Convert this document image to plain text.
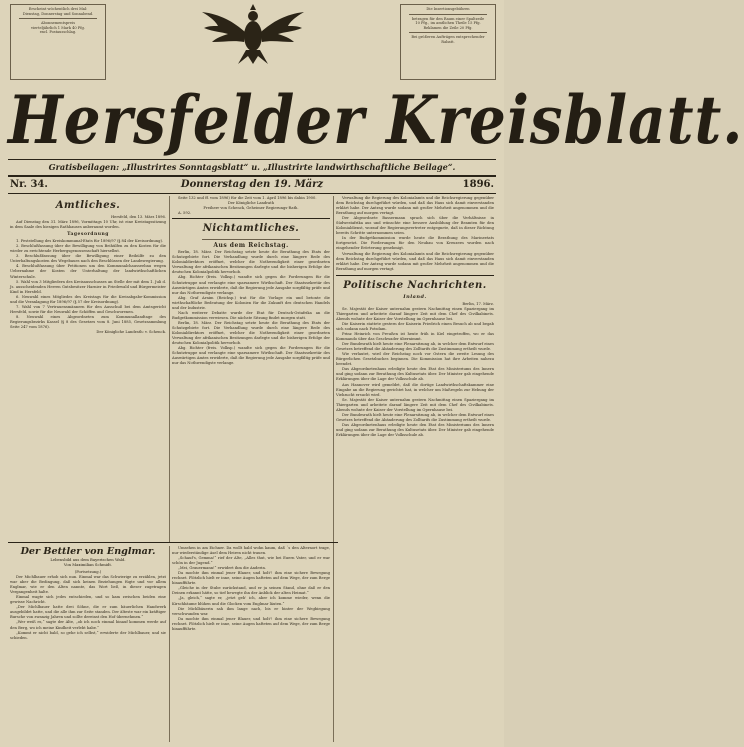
Erscheint wöchentlich drei Mal:
Dienstag, Donnerstag und Sonnabend.
Abonnementspreis
vierteljährlich 1 Mark 40 Pfg.
excl. Postausschlag.
Die Insertionsgebühren
betragen für den Raum einer Spaltzeile
10 Pfg., im amtlichen Theile 15 Pfg.
Reklamen die Zeile 20 Pfg.
Bei größeren Aufträgen entsprechender
Rabatt.
Hersfelder Kreisblatt.
Gratisbeilagen: „Illustrirtes Sonntagsblatt“ u. „Illustrirte landwirthschaftliche Beilage“.
Nr. 34.	Donnerstag den 19. März	1896.
Amtliches.

Hersfeld, den 13. März 1896.

Auf Dienstag den 31. März 1896, Vormittags 10 Uhr, ist eine Kreistagssitzung in dem Saale des hiesigen Rathhauses anberaumt worden.

Tagesordnung

1. Feststellung des Kreiskommunal-Etats für 1896/97 (§ 84 der Kreisordnung).

2. Beschlußfassung über die Bewilligung von Beihülfen zu den Kosten für die wieder zu errichtende Herbergsgenossenschaft hierselbst.

3. Beschlußfassung über die Bewilligung einer Beihülfe zu den Unterhaltungskosten des Wegebaues nach den Beschlüssen der Landesregierung.

4. Beschlußfassung über Petitionen um den Kommunalchausseebau wegen Uebernahme der Kosten der Unterhaltung der landwirthschaftlichen Winterschule.

5. Wahl von 3 Mitgliedern des Kreisausschusses an Stelle der mit dem 1. Juli d. Js. ausscheidenden Herren Gutsbesitzer Harnier in Friedewald und Bürgermeister Kind in Hersfeld.

6. Neuwahl eines Mitgliedes des Kreistags für die Kreisabgabe-Kommission und die Veranlagung für 1896/97 (§ 57 der Kreisordnung).

7. Wahl von 7 Vertrauensmännern für den Ausschuß bei dem Amtsgericht Hersfeld, sowie für die Neuwahl der Schöffen und Geschworenen.

8. Neuwahl eines Abgeordneten zum Kommunallandtage des Regierungsbezirks Kassel (§ 8 des Gesetzes vom 8. Juni 1885, Gesetzsammlung Seite 247 vom 1876).

Der Königliche Landrath: v. Schenck.

Seite 132 und ff. vom 1896) für die Zeit vom 1. April 1896 bis dahin 1900.

Der Königliche Landrath

Freiherr von Schenck, Geheimer Regierungs-Rath.

A. 592.

Nichtamtliches.
Aus dem Reichstag.

Berlin, 18. März. Der Reichstag setzte heute die Berathung des Etats der Schutzgebiete fort. Die Verhandlung wurde durch eine längere Rede des Kolonialdirektors eröffnet, welcher die Nothwendigkeit einer geordneten Verwaltung der afrikanischen Besitzungen darlegte und die bisherigen Erfolge der deutschen Kolonialpolitik hervorhob.

Abg. Richter (freis. Volksp.) wandte sich gegen die Forderungen für die Schutztruppe und verlangte eine sparsamere Wirthschaft. Der Staatssekretär des Auswärtigen Amtes erwiderte, daß die Regierung jede Ausgabe sorgfältig prüfe und nur das Nothwendigste verlange.

Abg. Graf Arnim (Reichsp.) trat für die Vorlage ein und betonte die wirthschaftliche Bedeutung der Kolonien für die Zukunft des deutschen Handels und der Industrie.

Nach weiterer Debatte wurde der Etat für Deutsch-Ostafrika an die Budgetkommission verwiesen. Die nächste Sitzung findet morgen statt.

Berlin, 18. März. Der Reichstag setzte heute die Berathung des Etats der Schutzgebiete fort. Die Verhandlung wurde durch eine längere Rede des Kolonialdirektors eröffnet, welcher die Nothwendigkeit einer geordneten Verwaltung der afrikanischen Besitzungen darlegte und die bisherigen Erfolge der deutschen Kolonialpolitik hervorhob.

Abg. Richter (freis. Volksp.) wandte sich gegen die Forderungen für die Schutztruppe und verlangte eine sparsamere Wirthschaft. Der Staatssekretär des Auswärtigen Amtes erwiderte, daß die Regierung jede Ausgabe sorgfältig prüfe und nur das Nothwendigste verlange.

Verwaltung die Regierung des Kolonialamts und die Reichsregierung gegenüber dem Reichstag durchgeführt würden, und daß das Haus sich damit einverstanden erklärt habe. Der Antrag wurde sodann mit großer Mehrheit angenommen und die Berathung auf morgen vertagt.

Der Abgeordnete Bassermann sprach sich über die Verhältnisse in Südwestafrika aus und wünschte eine bessere Ausbildung der Beamten für den Kolonialdienst, worauf der Regierungsvertreter entgegnete, daß in dieser Richtung bereits Schritte unternommen seien.

In der Budgetkommission wurde heute die Berathung des Marineetats fortgesetzt. Die Forderungen für den Neubau von Kreuzern wurden nach eingehender Erörterung genehmigt.

Verwaltung die Regierung des Kolonialamts und die Reichsregierung gegenüber dem Reichstag durchgeführt würden, und daß das Haus sich damit einverstanden erklärt habe. Der Antrag wurde sodann mit großer Mehrheit angenommen und die Berathung auf morgen vertagt.

Politische Nachrichten.
Inland.

Berlin, 17. März.

Se. Majestät der Kaiser unternahm gestern Nachmittag einen Spaziergang im Thiergarten und arbeitete darauf längere Zeit mit dem Chef des Civilkabinets. Abends wohnte der Kaiser der Vorstellung im Opernhause bei.

Die Kaiserin stattete gestern der Kaiserin Friedrich einen Besuch ab und begab sich sodann nach Potsdam.

Prinz Heinrich von Preußen ist heute früh in Kiel eingetroffen, wo er das Kommando über das Geschwader übernimmt.

Der Bundesrath hielt heute eine Plenarsitzung ab, in welcher dem Entwurf eines Gesetzes betreffend die Abänderung des Zolltarifs die Zustimmung ertheilt wurde.

Wie verlautet, wird der Reichstag noch vor Ostern die zweite Lesung des Bürgerlichen Gesetzbuches beginnen. Die Kommission hat ihre Arbeiten nahezu beendet.

Das Abgeordnetenhaus erledigte heute den Etat des Ministeriums des Innern und ging sodann zur Berathung des Kultusetats über. Der Minister gab eingehende Erklärungen über die Lage der Volksschule ab.

Aus Hannover wird gemeldet, daß die dortige Landwirthschaftskammer eine Eingabe an die Regierung gerichtet hat, in welcher um Maßregeln zur Hebung der Viehzucht ersucht wird.

Se. Majestät der Kaiser unternahm gestern Nachmittag einen Spaziergang im Thiergarten und arbeitete darauf längere Zeit mit dem Chef des Civilkabinets. Abends wohnte der Kaiser der Vorstellung im Opernhause bei.

Der Bundesrath hielt heute eine Plenarsitzung ab, in welcher dem Entwurf eines Gesetzes betreffend die Abänderung des Zolltarifs die Zustimmung ertheilt wurde.

Das Abgeordnetenhaus erledigte heute den Etat des Ministeriums des Innern und ging sodann zur Berathung des Kultusetats über. Der Minister gab eingehende Erklärungen über die Lage der Volksschule ab.

Der Bettler von Englmar.
Lebensbild aus dem Bayerischen Wald.
Von Maximilian Schmidt.

(Fortsetzung.)

Der Michlbauer erhob sich nun. Einmal war das Schwierige zu erzählen, jetzt war aber die Bedingung, daß sich keinen Beziehungen fügte und vor allem Englmar, wie er den Alten nannte, das Wort ließ, in dieser zugetragen Vergangenheit halte.

Einmal wagte sich jedes entschieden, und so kam zwischen beiden eine gewisse Nachricht.

„Der Michlbauer hatte drei Söhne, die er zum bäuerlichen Handwerk ausgebildet hatte, und die alle ihm zur Seite standen. Der älteste war ein kräftiger Bursche von zwanzig Jahren und sollte dereinst den Hof übernehmen.“

„Wer weiß es,“ sagte der Alte, „ob ich noch einmal hinauf kommen werde auf den Berg, wo ich meine Kindheit verlebt habe.“

„Kommt er nicht bald, so gehe ich selbst,“ erwiderte der Michlbauer, und sie schieden.

Umsehen in am Eichner. Da wollt hald wohn kaum, daß ´s den Alternort trage, nur wiederständige Asel dem Heiren nicht trauen.

„Schauf's, Gemma!“ rief der Alte, „Alles thut, wie bei Euern Vater, und er war schön in der Jugend.“

„Mei, Grauermann!“ erwidert ihm die Anderin.

Da mochte ihm einmal jener Blauer, und holt'! ihm eine sichere Bewegung rechnet. Plötzlich hielt er inne, seine Augen hafteten auf dem Wege, der zum Berge hinaufführte.

„Gleiche in der Stube zurückstand, und er ja seinen Stand, ohne daß er den Deinen erkannt hätte, so tief bewegte ihn der Anblick der alten Heimat.“

„Ja, gleich,“ sagte er, „jetzt geh' ich, aber ich komme wieder, wenn die Kirschbäume blühen und die Glocken vom Englmar läuten.“

Die Michlbäuerin sah ihm lange nach, bis er hinter der Wegbiegung verschwunden war.

Da mochte ihm einmal jener Blauer, und holt'! ihm eine sichere Bewegung rechnet. Plötzlich hielt er inne, seine Augen hafteten auf dem Wege, der zum Berge hinaufführte.
